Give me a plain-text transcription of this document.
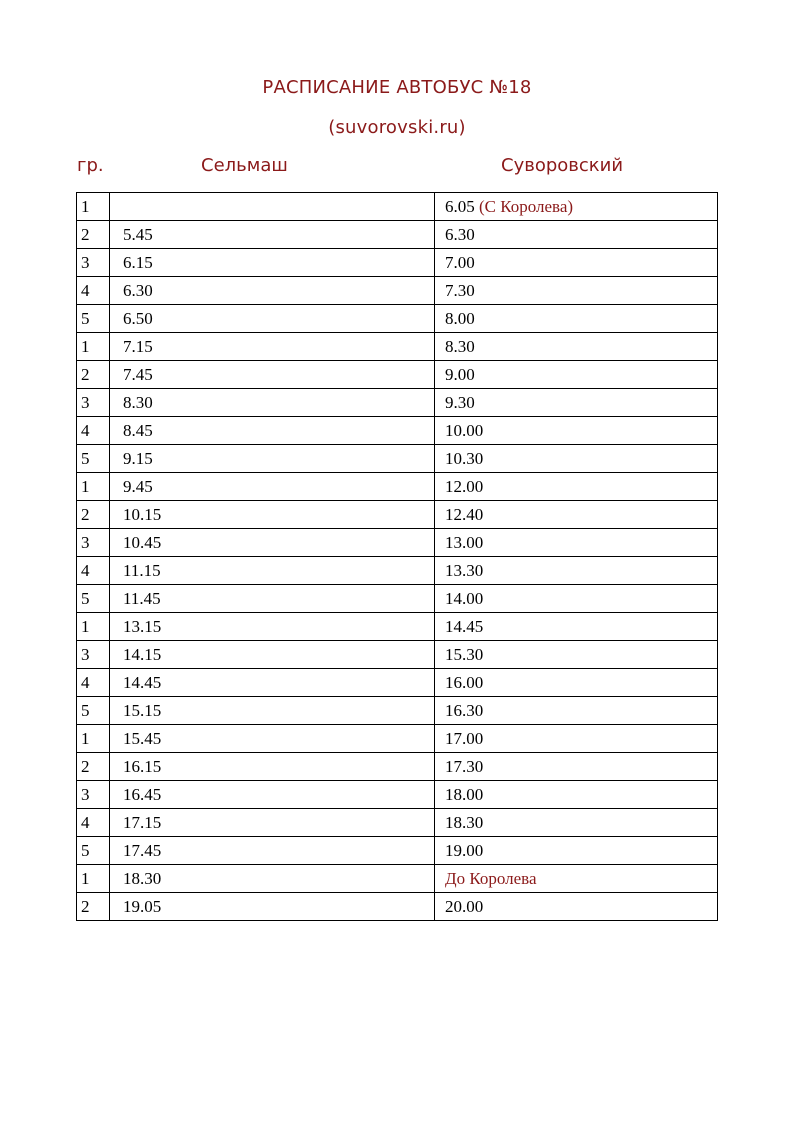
РАСПИСАНИЕ АВТОБУС №18
(suvorovski.ru)
гр.	Сельмаш	Суворовский
1		6.05 (С Королева)
2	5.45	6.30
3	6.15	7.00
4	6.30	7.30
5	6.50	8.00
1	7.15	8.30
2	7.45	9.00
3	8.30	9.30
4	8.45	10.00
5	9.15	10.30
1	9.45	12.00
2	10.15	12.40
3	10.45	13.00
4	11.15	13.30
5	11.45	14.00
1	13.15	14.45
3	14.15	15.30
4	14.45	16.00
5	15.15	16.30
1	15.45	17.00
2	16.15	17.30
3	16.45	18.00
4	17.15	18.30
5	17.45	19.00
1	18.30	До Королева
2	19.05	20.00
